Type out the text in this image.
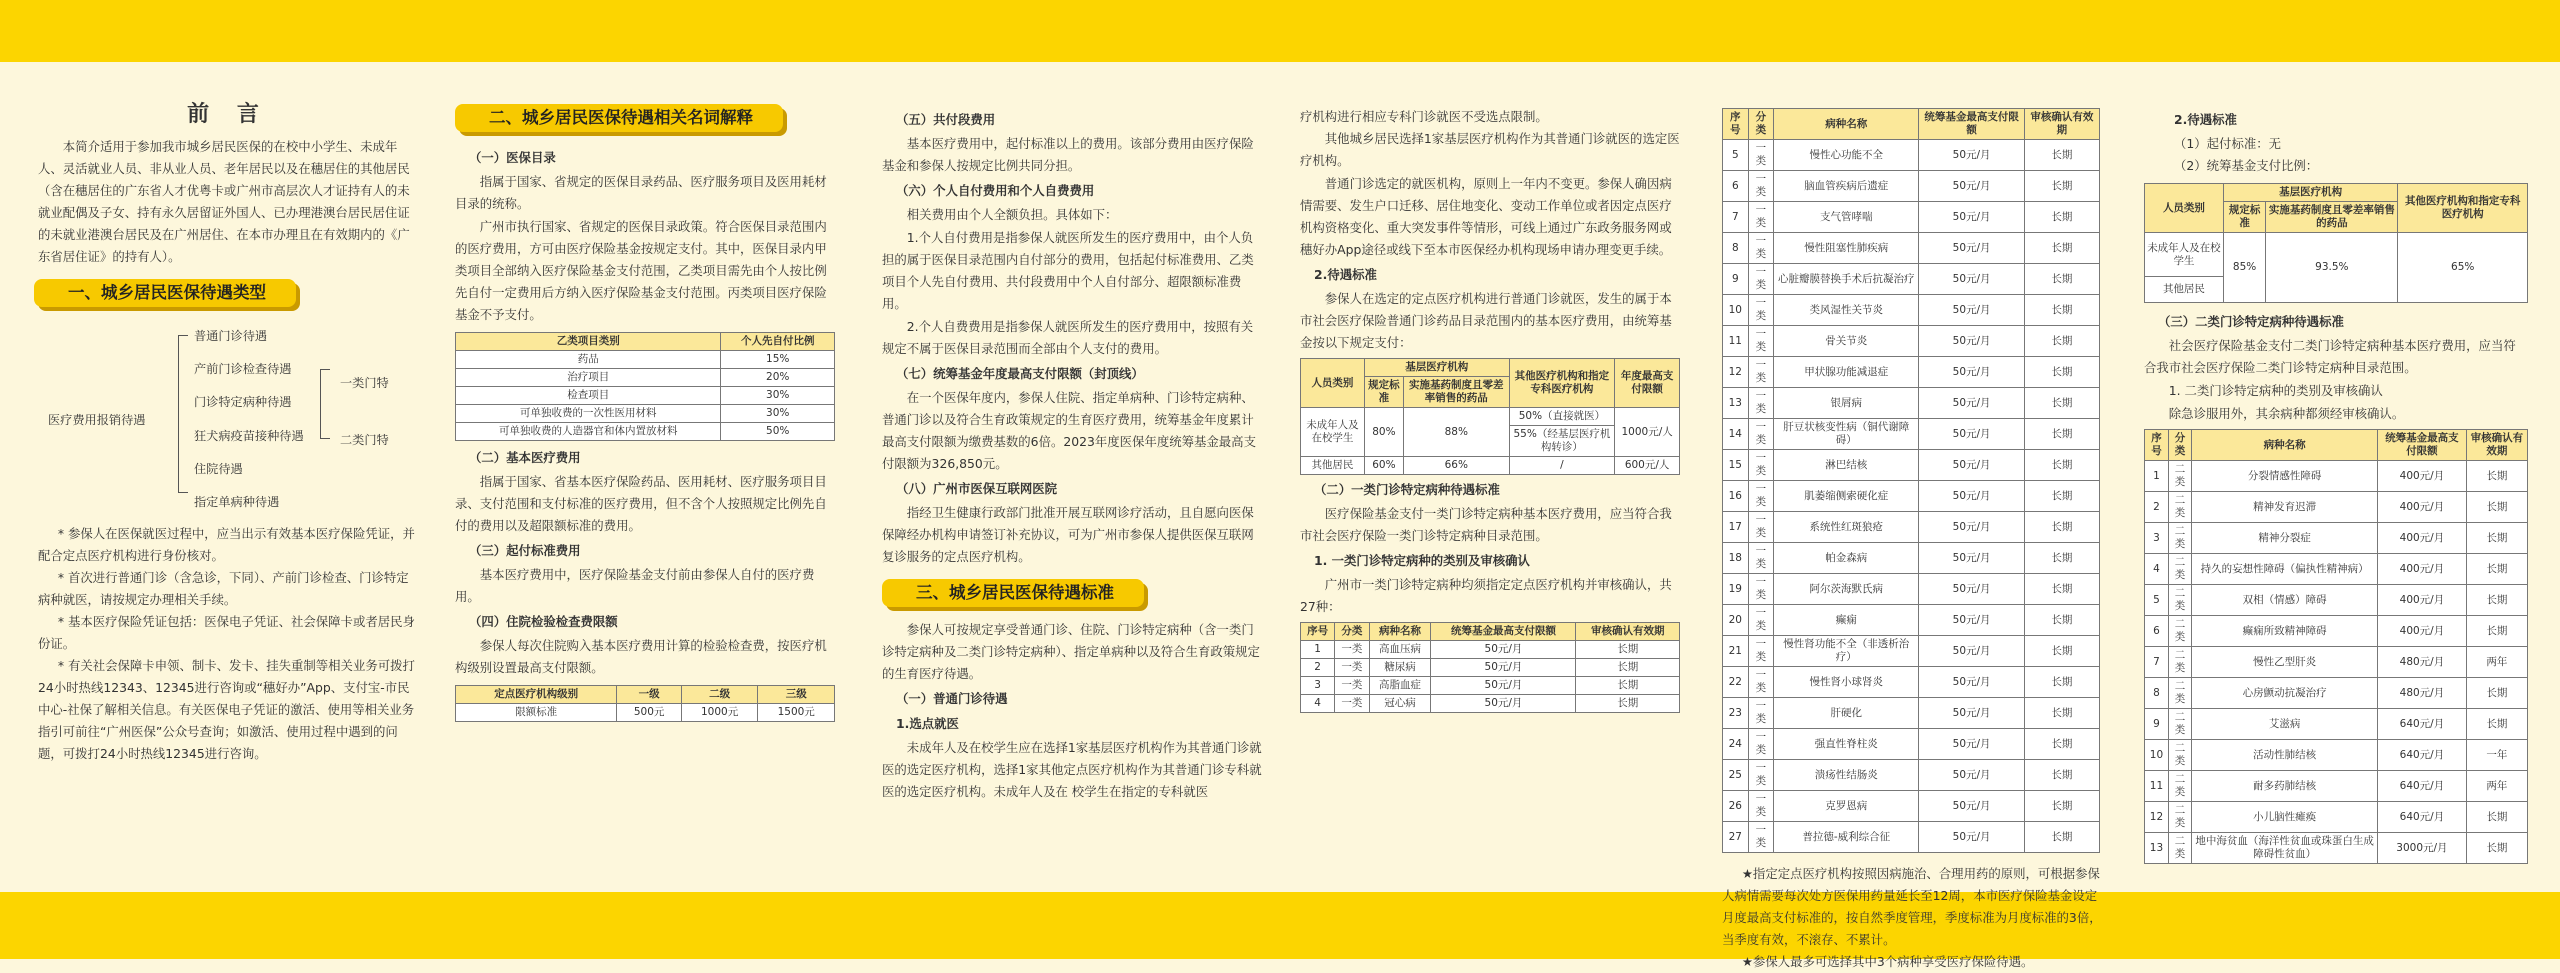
前 言
本简介适用于参加我市城乡居民医保的在校中小学生、未成年人、灵活就业人员、非从业人员、老年居民以及在穗居住的其他居民（含在穗居住的广东省人才优粤卡或广州市高层次人才证持有人的未就业配偶及子女、持有永久居留证外国人、已办理港澳台居民居住证的未就业港澳台居民及在广州居住、在本市办理且在有效期内的《广东省居住证》的持有人）。
一、城乡居民医保待遇类型
医疗费用报销待遇
普通门诊待遇
产前门诊检查待遇
门诊特定病种待遇
狂犬病疫苗接种待遇
住院待遇
指定单病种待遇
一类门特
二类门特
* 参保人在医保就医过程中，应当出示有效基本医疗保险凭证，并配合定点医疗机构进行身份核对。
* 首次进行普通门诊（含急诊，下同）、产前门诊检查、门诊特定病种就医，请按规定办理相关手续。
* 基本医疗保险凭证包括：医保电子凭证、社会保障卡或者居民身份证。
* 有关社会保障卡申领、制卡、发卡、挂失重制等相关业务可拨打24小时热线12343、12345进行咨询或“穗好办”App、支付宝-市民中心-社保了解相关信息。有关医保电子凭证的激活、使用等相关业务指引可前往“广州医保”公众号查询；如激活、使用过程中遇到的问题，可拨打24小时热线12345进行咨询。
二、城乡居民医保待遇相关名词解释
（一）医保目录
指属于国家、省规定的医保目录药品、医疗服务项目及医用耗材目录的统称。
广州市执行国家、省规定的医保目录政策。符合医保目录范围内的医疗费用，方可由医疗保险基金按规定支付。其中，医保目录内甲类项目全部纳入医疗保险基金支付范围，乙类项目需先由个人按比例先自付一定费用后方纳入医疗保险基金支付范围。丙类项目医疗保险基金不予支付。
乙类项目类别	个人先自付比例
药品	15%
治疗项目	20%
检查项目	30%
可单独收费的一次性医用材料	30%
可单独收费的人造器官和体内置放材料	50%
（二）基本医疗费用
指属于国家、省基本医疗保险药品、医用耗材、医疗服务项目目录、支付范围和支付标准的医疗费用，但不含个人按照规定比例先自付的费用以及超限额标准的费用。
（三）起付标准费用
基本医疗费用中，医疗保险基金支付前由参保人自付的医疗费用。
（四）住院检验检查费限额
参保人每次住院购入基本医疗费用计算的检验检查费，按医疗机构级别设置最高支付限额。
定点医疗机构级别	一级	二级	三级
限额标准	500元	1000元	1500元
（五）共付段费用
基本医疗费用中，起付标准以上的费用。该部分费用由医疗保险基金和参保人按规定比例共同分担。
（六）个人自付费用和个人自费费用
相关费用由个人全额负担。具体如下：
1.个人自付费用是指参保人就医所发生的医疗费用中，由个人负担的属于医保目录范围内自付部分的费用，包括起付标准费用、乙类项目个人先自付费用、共付段费用中个人自付部分、超限额标准费用。
2.个人自费费用是指参保人就医所发生的医疗费用中，按照有关规定不属于医保目录范围而全部由个人支付的费用。
（七）统筹基金年度最高支付限额（封顶线）
在一个医保年度内，参保人住院、指定单病种、门诊特定病种、普通门诊以及符合生育政策规定的生育医疗费用，统筹基金年度累计最高支付限额为缴费基数的6倍。2023年度医保年度统筹基金最高支付限额为326,850元。
（八）广州市医保互联网医院
指经卫生健康行政部门批准开展互联网诊疗活动，且自愿向医保保障经办机构申请签订补充协议，可为广州市参保人提供医保互联网复诊服务的定点医疗机构。
三、城乡居民医保待遇标准
参保人可按规定享受普通门诊、住院、门诊特定病种（含一类门诊特定病种及二类门诊特定病种）、指定单病种以及符合生育政策规定的生育医疗待遇。
（一）普通门诊待遇
1.选点就医
未成年人及在校学生应在选择1家基层医疗机构作为其普通门诊就医的选定医疗机构，选择1家其他定点医疗机构作为其普通门诊专科就医的选定医疗机构。未成年人及在 校学生在指定的专科就医
疗机构进行相应专科门诊就医不受选点限制。
其他城乡居民选择1家基层医疗机构作为其普通门诊就医的选定医疗机构。
普通门诊选定的就医机构，原则上一年内不变更。参保人确因病情需要、发生户口迁移、居住地变化、变动工作单位或者因定点医疗机构资格变化、重大突发事件等情形，可线上通过广东政务服务网或穗好办App途径或线下至本市医保经办机构现场申请办理变更手续。
2.待遇标准
参保人在选定的定点医疗机构进行普通门诊就医，发生的属于本市社会医疗保险普通门诊药品目录范围内的基本医疗费用，由统筹基金按以下规定支付：
人员类别	基层医疗机构		其他医疗机构和指定专科医疗机构	年度最高支付限额
	规定标准	实施基药制度且零差率销售的药品		
未成年人及在校学生	80%	88%	50%（直接就医）	1000元/人
			55%（经基层医疗机构转诊）	
其他居民	60%	66%	/	600元/人
（二）一类门诊特定病种待遇标准
医疗保险基金支付一类门诊特定病种基本医疗费用，应当符合我市社会医疗保险一类门诊特定病种目录范围。
1. 一类门诊特定病种的类别及审核确认
广州市一类门诊特定病种均须指定定点医疗机构并审核确认，共27种：
序号	分类	病种名称	统筹基金最高支付限额	审核确认有效期
1	一类	高血压病	50元/月	长期
2	一类	糖尿病	50元/月	长期
3	一类	高脂血症	50元/月	长期
4	一类	冠心病	50元/月	长期
序号	分类	病种名称	统筹基金最高支付限额	审核确认有效期
5	一类	慢性心功能不全	50元/月	长期
6	一类	脑血管疾病后遗症	50元/月	长期
7	一类	支气管哮喘	50元/月	长期
8	一类	慢性阻塞性肺疾病	50元/月	长期
9	一类	心脏瓣膜替换手术后抗凝治疗	50元/月	长期
10	一类	类风湿性关节炎	50元/月	长期
11	一类	骨关节炎	50元/月	长期
12	一类	甲状腺功能减退症	50元/月	长期
13	一类	银屑病	50元/月	长期
14	一类	肝豆状核变性病（铜代谢障碍）	50元/月	长期
15	一类	淋巴结核	50元/月	长期
16	一类	肌萎缩侧索硬化症	50元/月	长期
17	一类	系统性红斑狼疮	50元/月	长期
18	一类	帕金森病	50元/月	长期
19	一类	阿尔茨海默氏病	50元/月	长期
20	一类	癫痫	50元/月	长期
21	一类	慢性肾功能不全（非透析治疗）	50元/月	长期
22	一类	慢性肾小球肾炎	50元/月	长期
23	一类	肝硬化	50元/月	长期
24	一类	强直性脊柱炎	50元/月	长期
25	一类	溃疡性结肠炎	50元/月	长期
26	一类	克罗恩病	50元/月	长期
27	一类	普拉德-威利综合征	50元/月	长期
★指定定点医疗机构按照因病施治、合理用药的原则，可根据参保人病情需要每次处方医保用药量延长至12周，本市医疗保险基金设定月度最高支付标准的，按自然季度管理，季度标准为月度标准的3倍，当季度有效，不滚存、不累计。
★参保人最多可选择其中3个病种享受医疗保险待遇。
2.待遇标准
（1）起付标准：无
（2）统筹基金支付比例：
人员类别	基层医疗机构		其他医疗机构和指定专科医疗机构
	规定标准	实施基药制度且零差率销售的药品	
未成年人及在校学生	85%	93.5%	65%
其他居民			
（三）二类门诊特定病种待遇标准
社会医疗保险基金支付二类门诊特定病种基本医疗费用，应当符合我市社会医疗保险二类门诊特定病种目录范围。
1. 二类门诊特定病种的类别及审核确认
除急诊服用外，其余病种都须经审核确认。
序号	分类	病种名称	统筹基金最高支付限额	审核确认有效期
1	二类	分裂情感性障碍	400元/月	长期
2	二类	精神发育迟滞	400元/月	长期
3	二类	精神分裂症	400元/月	长期
4	二类	持久的妄想性障碍（偏执性精神病）	400元/月	长期
5	二类	双相（情感）障碍	400元/月	长期
6	二类	癫痫所致精神障碍	400元/月	长期
7	二类	慢性乙型肝炎	480元/月	两年
8	二类	心房颤动抗凝治疗	480元/月	长期
9	二类	艾滋病	640元/月	长期
10	二类	活动性肺结核	640元/月	一年
11	二类	耐多药肺结核	640元/月	两年
12	二类	小儿脑性瘫痪	640元/月	长期
13	二类	地中海贫血（海洋性贫血或珠蛋白生成障碍性贫血）	3000元/月	长期
